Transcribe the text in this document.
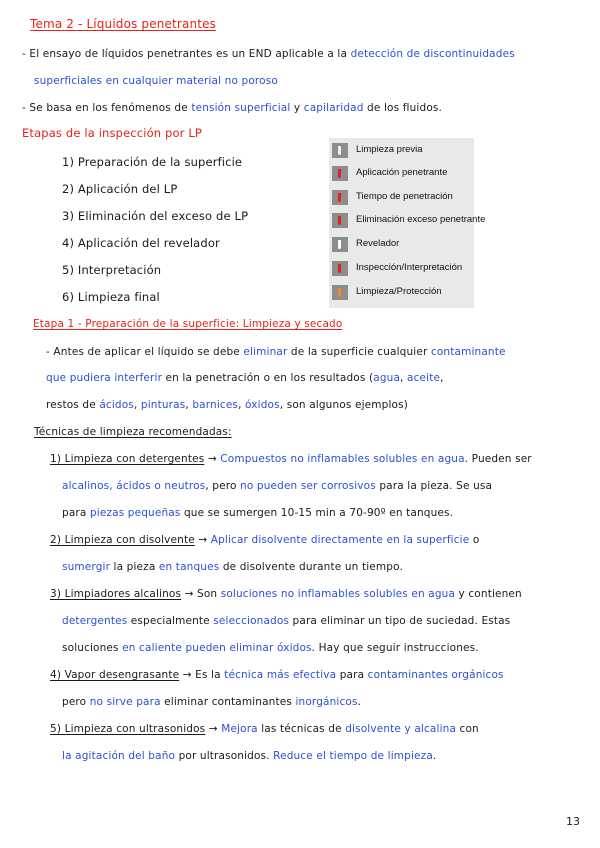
Tema 2 - Líquidos penetrantes
- El ensayo de líquidos penetrantes es un END aplicable a la detección de discontinuidades
superficiales en cualquier material no poroso
- Se basa en los fenómenos de tensión superficial y capilaridad de los fluidos.
Etapas de la inspección por LP
1) Preparación de la superficie
2) Aplicación del LP
3) Eliminación del exceso de LP
4) Aplicación del revelador
5) Interpretación
6) Limpieza final
Limpieza previa
Aplicación penetrante
Tiempo de penetración
Eliminación exceso penetrante
Revelador
Inspección/Interpretación
Limpieza/Protección
Etapa 1 - Preparación de la superficie: Limpieza y secado
- Antes de aplicar el líquido se debe eliminar de la superficie cualquier contaminante
que pudiera interferir en la penetración o en los resultados (agua, aceite,
restos de ácidos, pinturas, barnices, óxidos, son algunos ejemplos)
Técnicas de limpieza recomendadas:
1) Limpieza con detergentes → Compuestos no inflamables solubles en agua. Pueden ser
alcalinos, ácidos o neutros, pero no pueden ser corrosivos para la pieza. Se usa
para piezas pequeñas que se sumergen 10-15 min a 70-90º en tanques.
2) Limpieza con disolvente → Aplicar disolvente directamente en la superficie o
sumergir la pieza en tanques de disolvente durante un tiempo.
3) Limpiadores alcalinos → Son soluciones no inflamables solubles en agua y contienen
detergentes especialmente seleccionados para eliminar un tipo de suciedad. Estas
soluciones en caliente pueden eliminar óxidos. Hay que seguir instrucciones.
4) Vapor desengrasante → Es la técnica más efectiva para contaminantes orgánicos
pero no sirve para eliminar contaminantes inorgánicos.
5) Limpieza con ultrasonidos → Mejora las técnicas de disolvente y alcalina con
la agitación del baño por ultrasonidos. Reduce el tiempo de limpieza.
13
